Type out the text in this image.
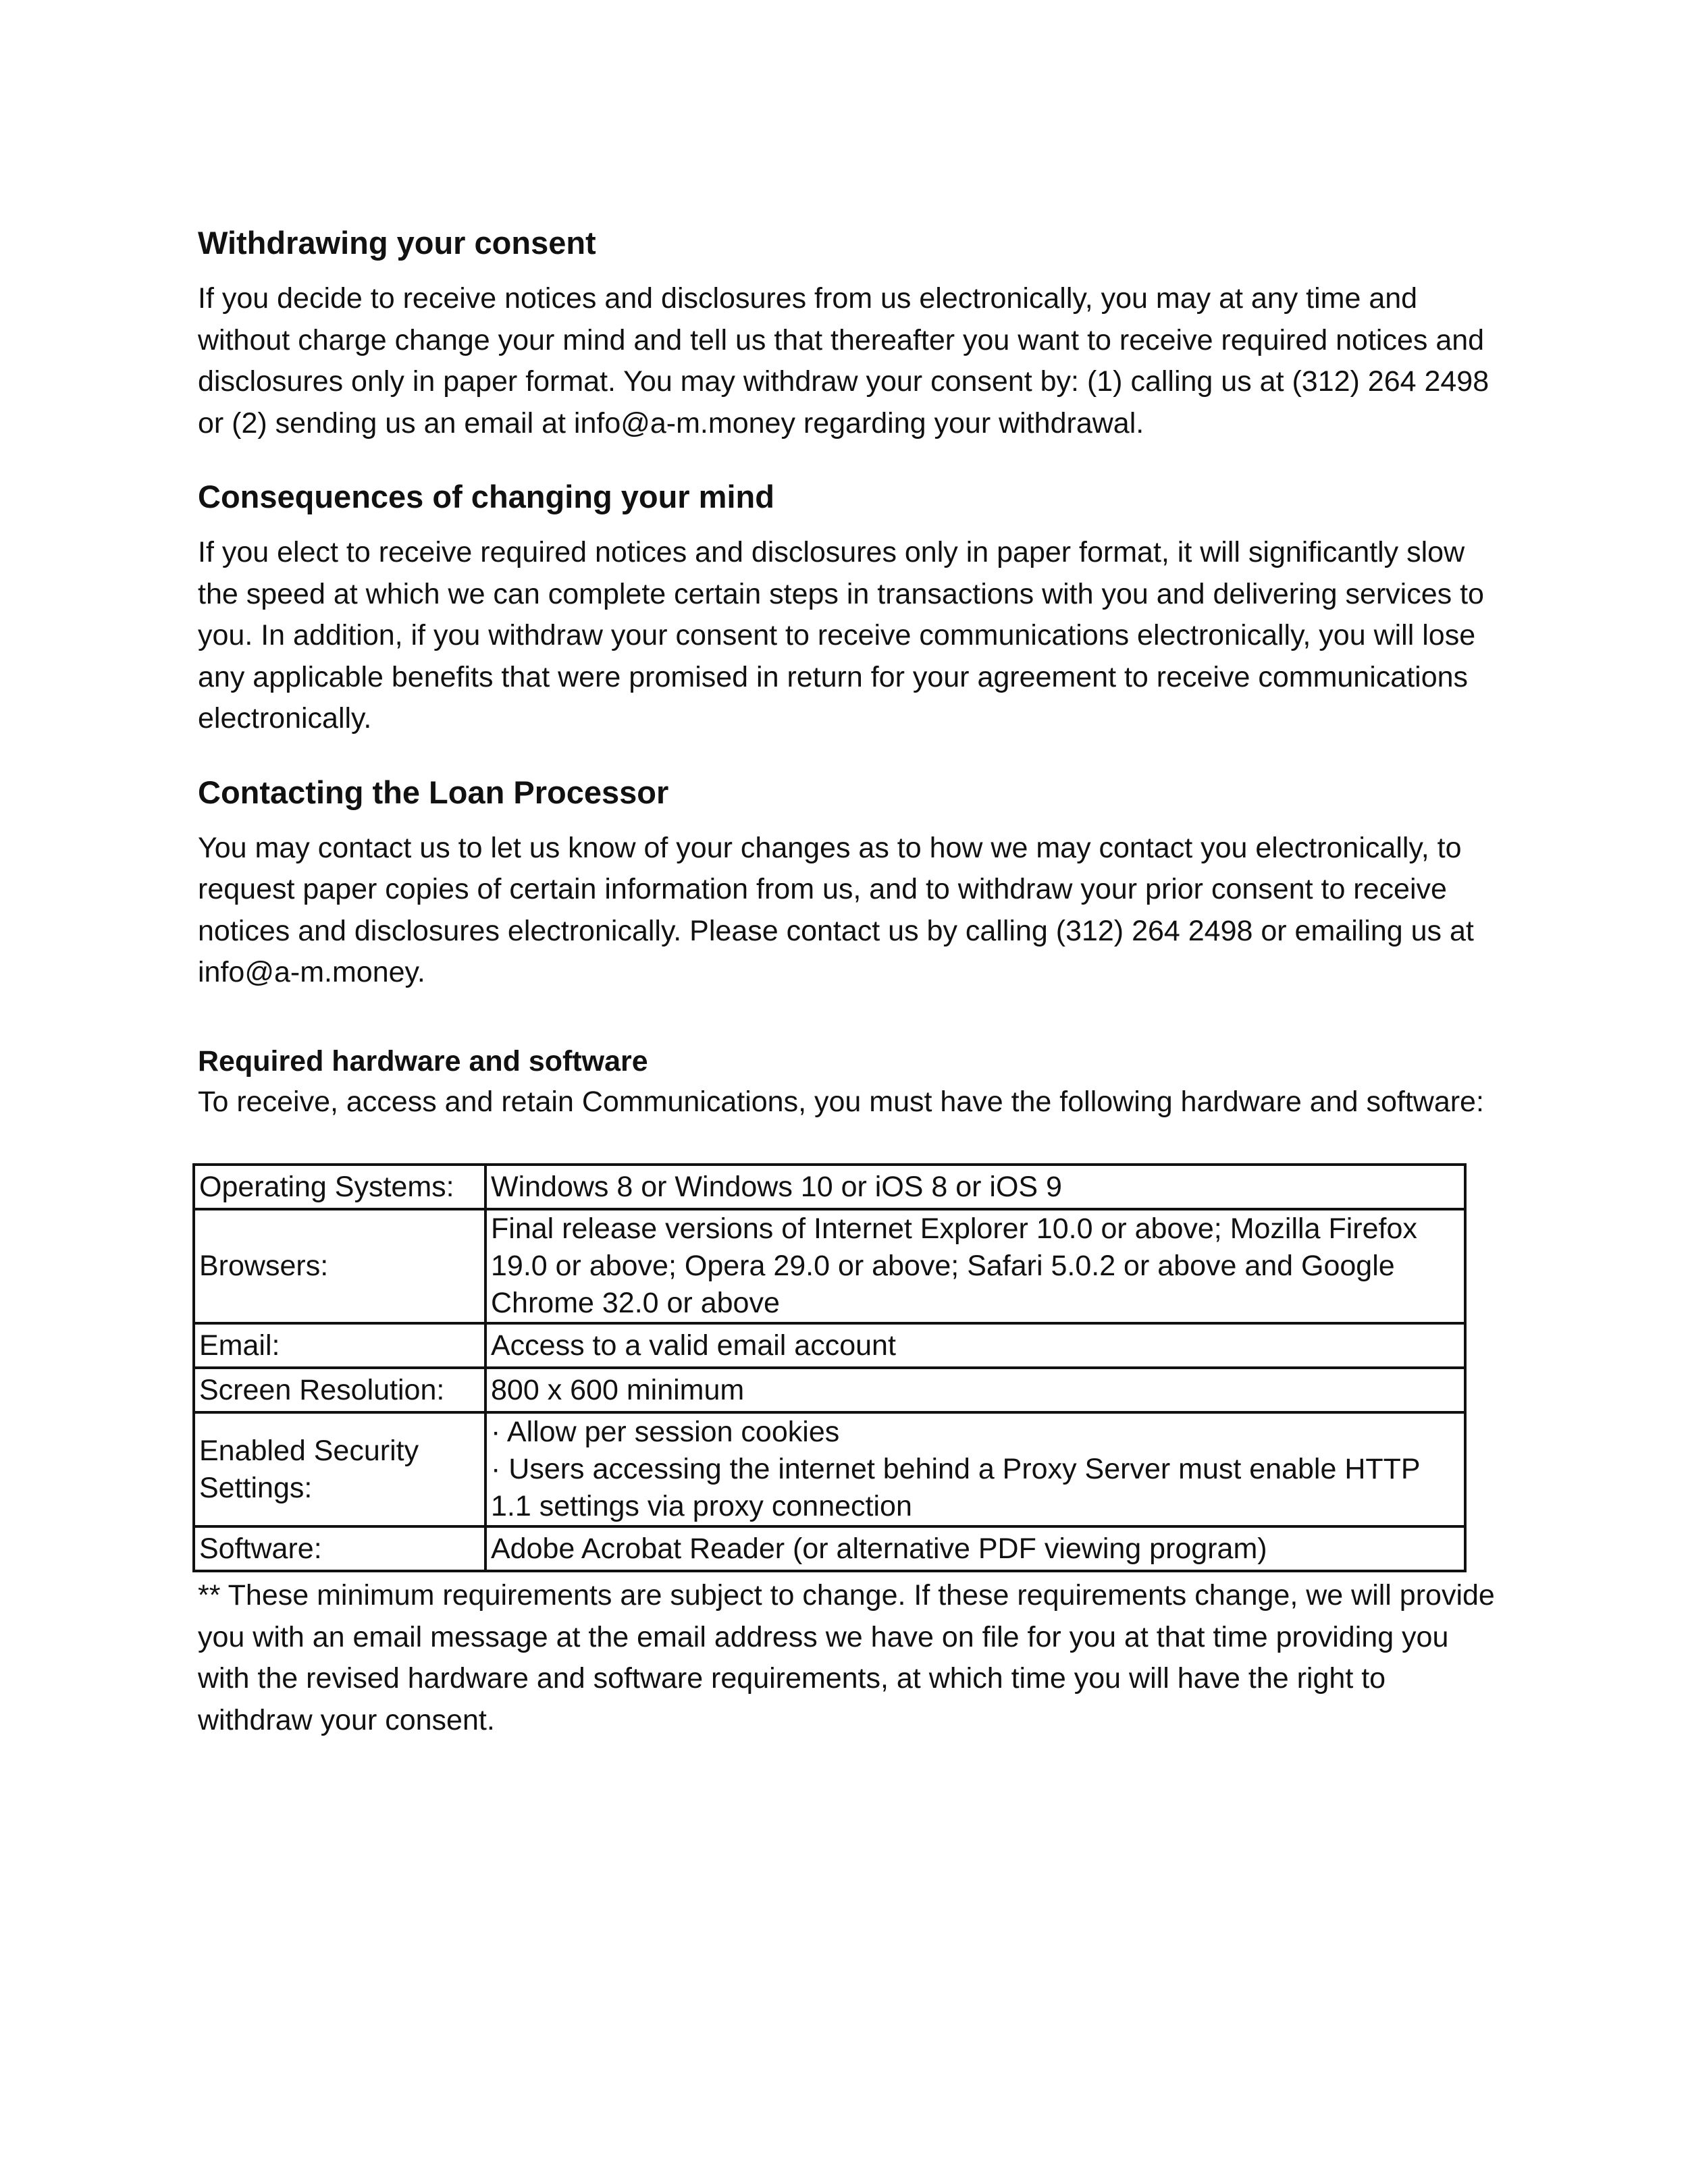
Withdrawing your consent

If you decide to receive notices and disclosures from us electronically, you may at any time and without charge change your mind and tell us that thereafter you want to receive required notices and disclosures only in paper format. You may withdraw your consent by: (1) calling us at (312) 264 2498 or (2) sending us an email at info@a-m.money regarding your withdrawal.

Consequences of changing your mind

If you elect to receive required notices and disclosures only in paper format, it will significantly slow the speed at which we can complete certain steps in transactions with you and delivering services to you. In addition, if you withdraw your consent to receive communications electronically, you will lose any applicable benefits that were promised in return for your agreement to receive communications electronically.

Contacting the Loan Processor

You may contact us to let us know of your changes as to how we may contact you electronically, to request paper copies of certain information from us, and to withdraw your prior consent to receive notices and disclosures electronically. Please contact us by calling (312) 264 2498 or emailing us at info@a-m.money.

Required hardware and software

To receive, access and retain Communications, you must have the following hardware and software:

Operating Systems:	Windows 8 or Windows 10 or iOS 8 or iOS 9
Browsers:	Final release versions of Internet Explorer 10.0 or above; Mozilla Firefox 19.0 or above; Opera 29.0 or above; Safari 5.0.2 or above and Google Chrome 32.0 or above
Email:	Access to a valid email account
Screen Resolution:	800 x 600 minimum
Enabled Security Settings:	· Allow per session cookies
· Users accessing the internet behind a Proxy Server must enable HTTP 1.1 settings via proxy connection

Software:	Adobe Acrobat Reader (or alternative PDF viewing program)

** These minimum requirements are subject to change. If these requirements change, we will provide you with an email message at the email address we have on file for you at that time providing you with the revised hardware and software requirements, at which time you will have the right to withdraw your consent.
